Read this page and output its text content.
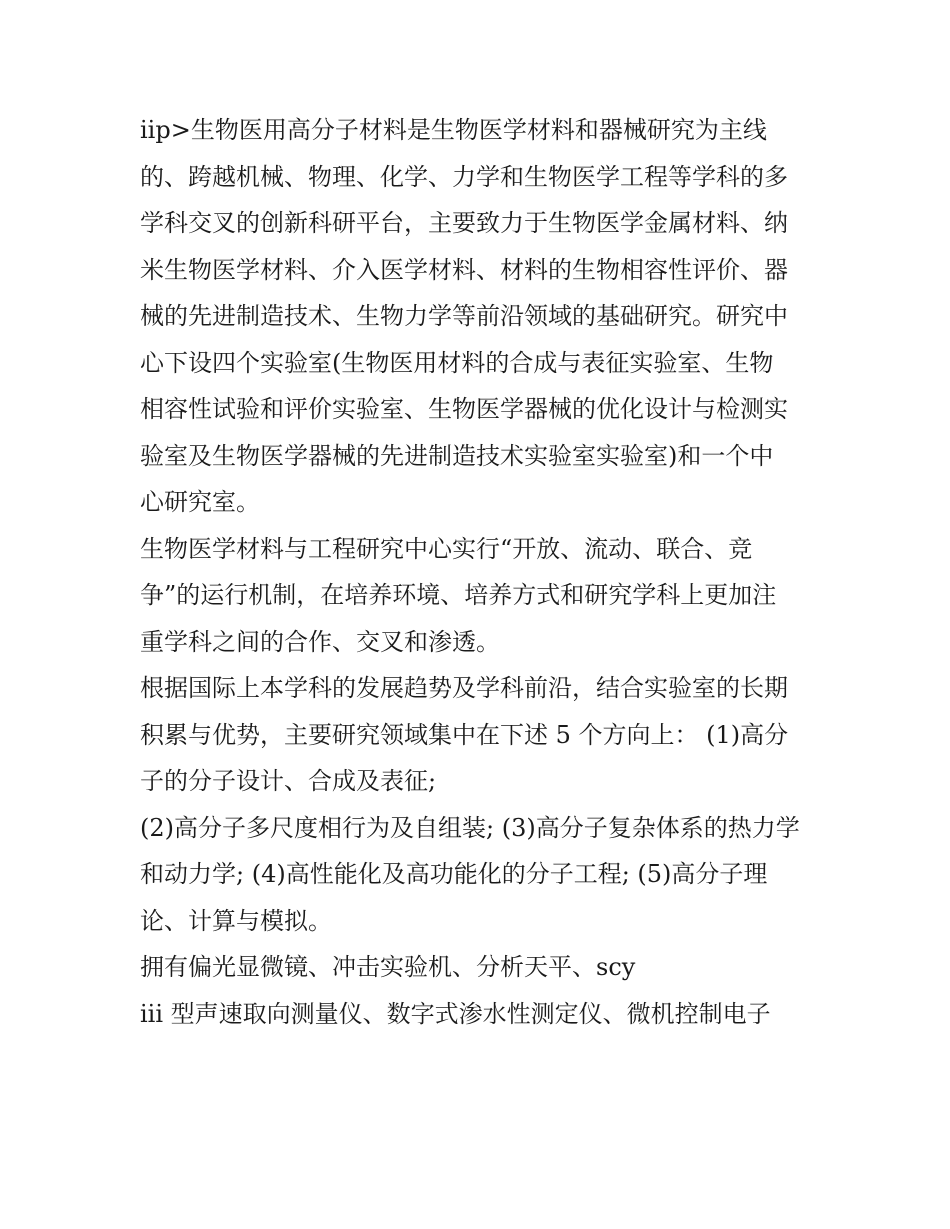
iip>生物医用高分子材料是生物医学材料和器械研究为主线
的、跨越机械、物理、化学、力学和生物医学工程等学科的多
学科交叉的创新科研平台，主要致力于生物医学金属材料、纳
米生物医学材料、介入医学材料、材料的生物相容性评价、器
械的先进制造技术、生物力学等前沿领域的基础研究。研究中
心下设四个实验室(生物医用材料的合成与表征实验室、生物
相容性试验和评价实验室、生物医学器械的优化设计与检测实
验室及生物医学器械的先进制造技术实验室实验室)和一个中
心研究室。
生物医学材料与工程研究中心实行“开放、流动、联合、竞
争”的运行机制，在培养环境、培养方式和研究学科上更加注
重学科之间的合作、交叉和渗透。
根据国际上本学科的发展趋势及学科前沿，结合实验室的长期
积累与优势，主要研究领域集中在下述 5 个方向上： (1)高分
子的分子设计、合成及表征;
(2)高分子多尺度相行为及自组装; (3)高分子复杂体系的热力学
和动力学; (4)高性能化及高功能化的分子工程; (5)高分子理
论、计算与模拟。
拥有偏光显微镜、冲击实验机、分析天平、scy
iii 型声速取向测量仪、数字式渗水性测定仪、微机控制电子
